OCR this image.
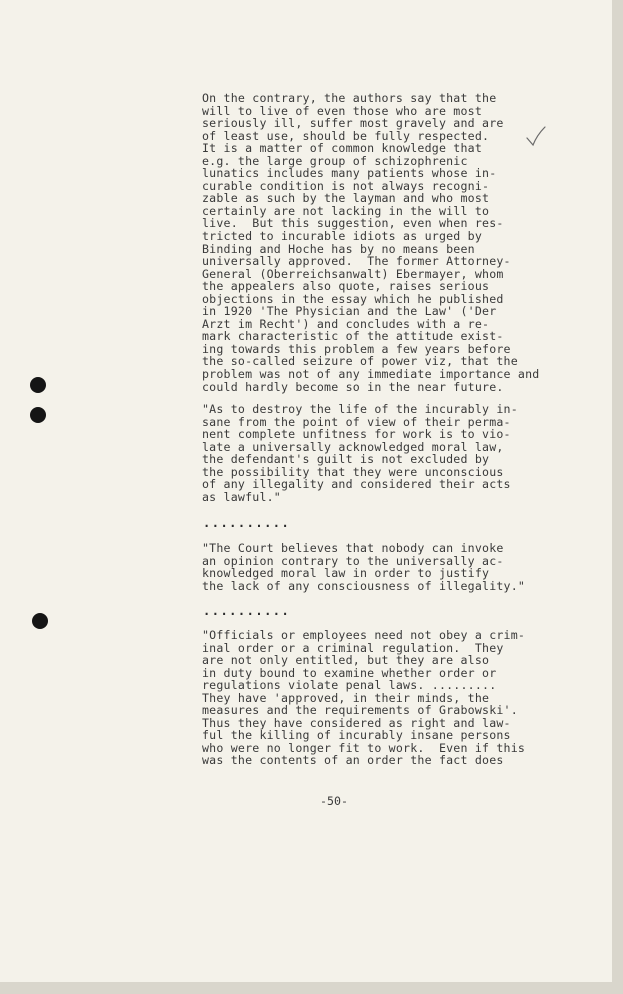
On the contrary, the authors say that the
will to live of even those who are most
seriously ill, suffer most gravely and are
of least use, should be fully respected.
It is a matter of common knowledge that
e.g. the large group of schizophrenic
lunatics includes many patients whose in-
curable condition is not always recogni-
zable as such by the layman and who most
certainly are not lacking in the will to
live.  But this suggestion, even when res-
tricted to incurable idiots as urged by
Binding and Hoche has by no means been
universally approved.  The former Attorney-
General (Oberreichsanwalt) Ebermayer, whom
the appealers also quote, raises serious
objections in the essay which he published
in 1920 'The Physician and the Law' ('Der
Arzt im Recht') and concludes with a re-
mark characteristic of the attitude exist-
ing towards this problem a few years before
the so-called seizure of power viz, that the
problem was not of any immediate importance and
could hardly become so in the near future.
"As to destroy the life of the incurably in-
sane from the point of view of their perma-
nent complete unfitness for work is to vio-
late a universally acknowledged moral law,
the defendant's guilt is not excluded by
the possibility that they were unconscious
of any illegality and considered their acts
as lawful."
..........
"The Court believes that nobody can invoke
an opinion contrary to the universally ac-
knowledged moral law in order to justify
the lack of any consciousness of illegality."
..........
"Officials or employees need not obey a crim-
inal order or a criminal regulation.  They
are not only entitled, but they are also
in duty bound to examine whether order or
regulations violate penal laws. .........
They have 'approved, in their minds, the
measures and the requirements of Grabowski'.
Thus they have considered as right and law-
ful the killing of incurably insane persons
who were no longer fit to work.  Even if this
was the contents of an order the fact does
-50-
